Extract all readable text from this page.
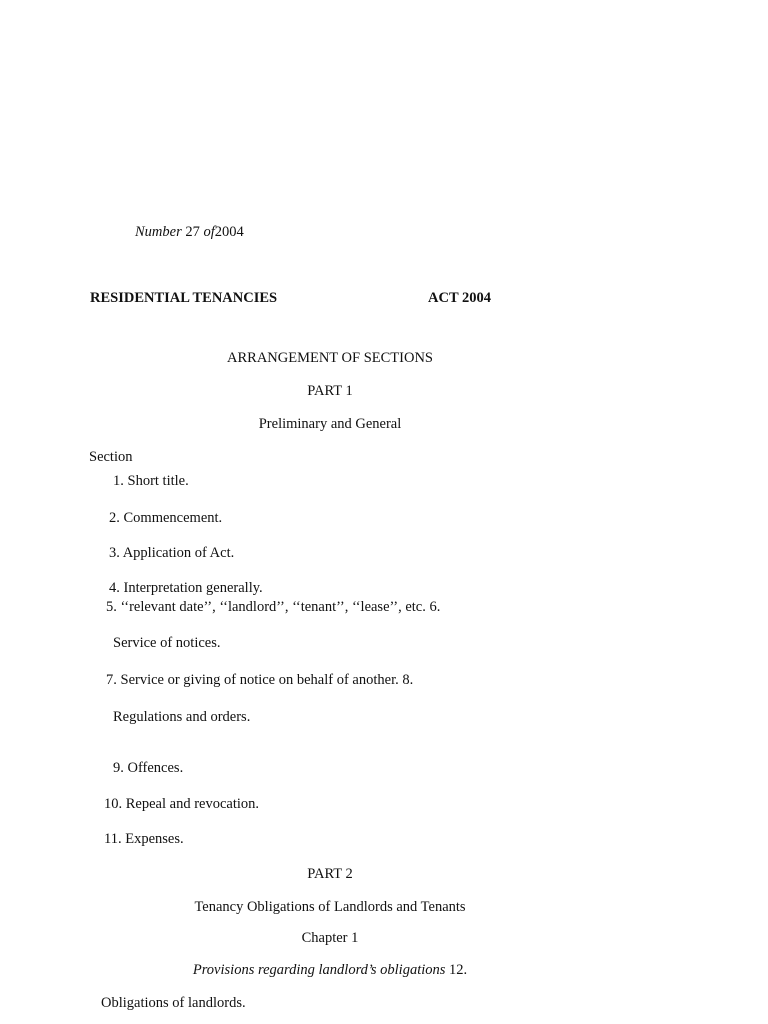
Number 27 of2004
RESIDENTIAL TENANCIES	ACT 2004
ARRANGEMENT OF SECTIONS
PART 1
Preliminary and General
Section
1. Short title.
2. Commencement.
3. Application of Act.
4. Interpretation generally.
5. ‘‘relevant date’’, ‘‘landlord’’, ‘‘tenant’’, ‘‘lease’’, etc. 6.
Service of notices.
7. Service or giving of notice on behalf of another. 8.
Regulations and orders.
9. Offences.
10. Repeal and revocation.
11. Expenses.
PART 2
Tenancy Obligations of Landlords and Tenants
Chapter 1
Provisions regarding landlord’s obligations 12.
Obligations of landlords.
